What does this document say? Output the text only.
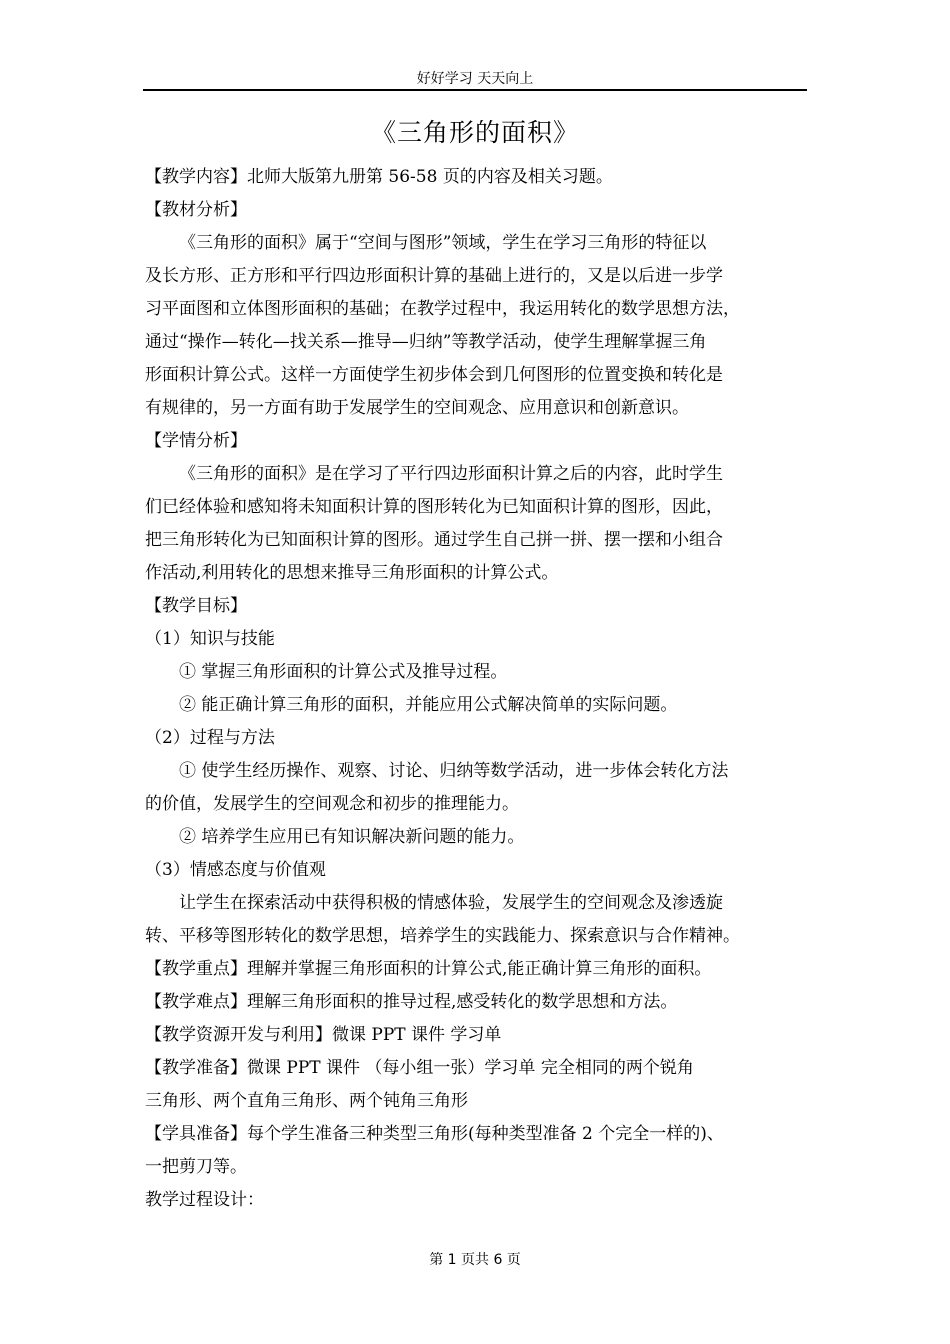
好好学习 天天向上
《三角形的面积》
【教学内容】北师大版第九册第 56-58 页的内容及相关习题。
【教材分析】
《三角形的面积》属于“空间与图形”领域，学生在学习三角形的特征以
及长方形、正方形和平行四边形面积计算的基础上进行的，又是以后进一步学
习平面图和立体图形面积的基础；在教学过程中，我运用转化的数学思想方法，
通过“操作—转化—找关系—推导—归纳”等教学活动，使学生理解掌握三角
形面积计算公式。这样一方面使学生初步体会到几何图形的位置变换和转化是
有规律的，另一方面有助于发展学生的空间观念、应用意识和创新意识。
【学情分析】
《三角形的面积》是在学习了平行四边形面积计算之后的内容，此时学生
们已经体验和感知将未知面积计算的图形转化为已知面积计算的图形，因此，
把三角形转化为已知面积计算的图形。通过学生自己拼一拼、摆一摆和小组合
作活动,利用转化的思想来推导三角形面积的计算公式。
【教学目标】
（1）知识与技能
① 掌握三角形面积的计算公式及推导过程。
② 能正确计算三角形的面积，并能应用公式解决简单的实际问题。
（2）过程与方法
① 使学生经历操作、观察、讨论、归纳等数学活动，进一步体会转化方法
的价值，发展学生的空间观念和初步的推理能力。
② 培养学生应用已有知识解决新问题的能力。
（3）情感态度与价值观
让学生在探索活动中获得积极的情感体验，发展学生的空间观念及渗透旋
转、平移等图形转化的数学思想，培养学生的实践能力、探索意识与合作精神。
【教学重点】理解并掌握三角形面积的计算公式,能正确计算三角形的面积。
【教学难点】理解三角形面积的推导过程,感受转化的数学思想和方法。
【教学资源开发与利用】微课 PPT 课件 学习单
【教学准备】微课 PPT 课件 （每小组一张）学习单 完全相同的两个锐角
三角形、两个直角三角形、两个钝角三角形
【学具准备】每个学生准备三种类型三角形(每种类型准备 2 个完全一样的)、
一把剪刀等。
教学过程设计：
第 1 页共 6 页
